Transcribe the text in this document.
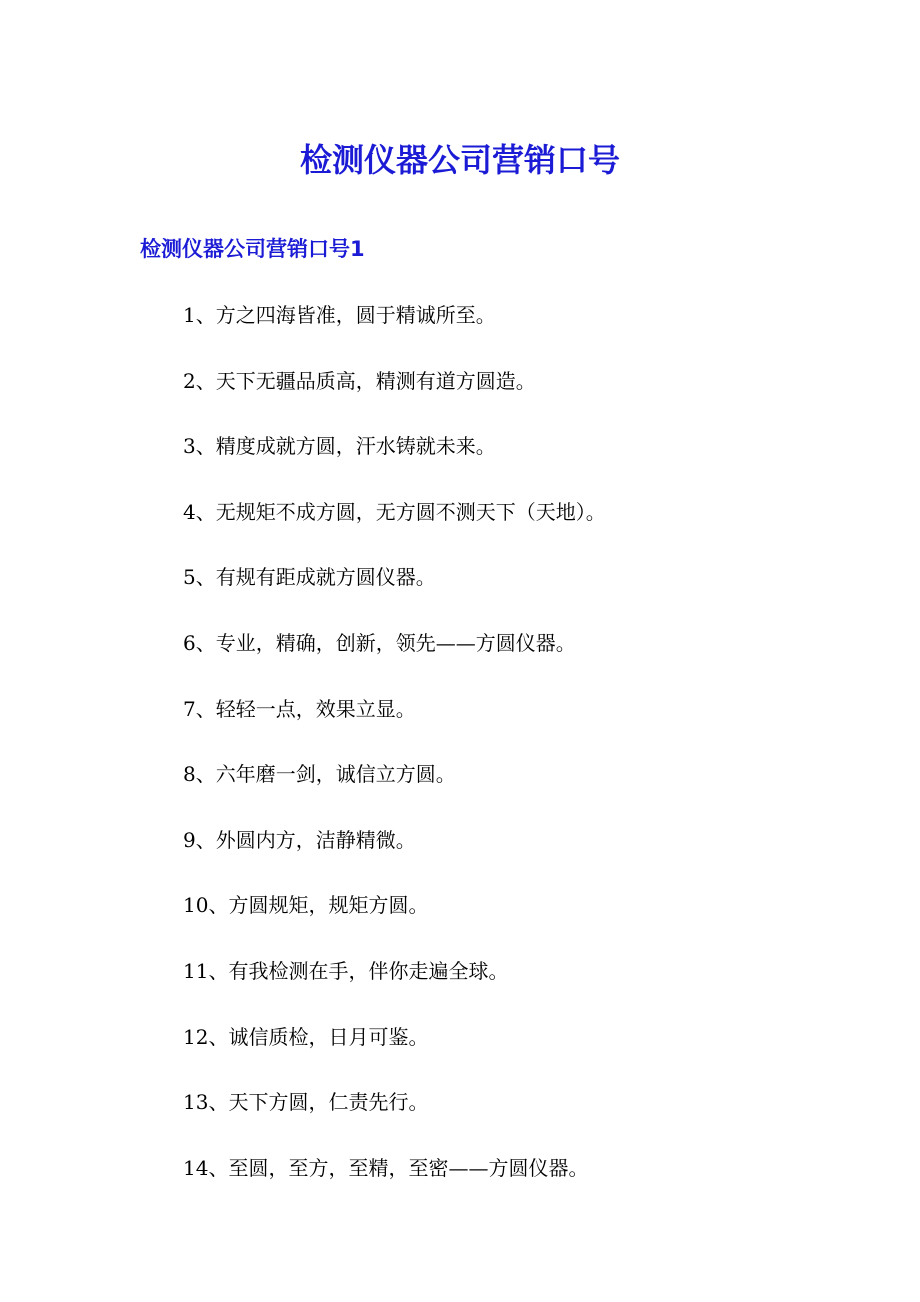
检测仪器公司营销口号
检测仪器公司营销口号1
1、方之四海皆准，圆于精诚所至。
2、天下无疆品质高，精测有道方圆造。
3、精度成就方圆，汗水铸就未来。
4、无规矩不成方圆，无方圆不测天下（天地）。
5、有规有距成就方圆仪器。
6、专业，精确，创新，领先——方圆仪器。
7、轻轻一点，效果立显。
8、六年磨一剑，诚信立方圆。
9、外圆内方，洁静精微。
10、方圆规矩，规矩方圆。
11、有我检测在手，伴你走遍全球。
12、诚信质检，日月可鉴。
13、天下方圆，仁责先行。
14、至圆，至方，至精，至密——方圆仪器。
